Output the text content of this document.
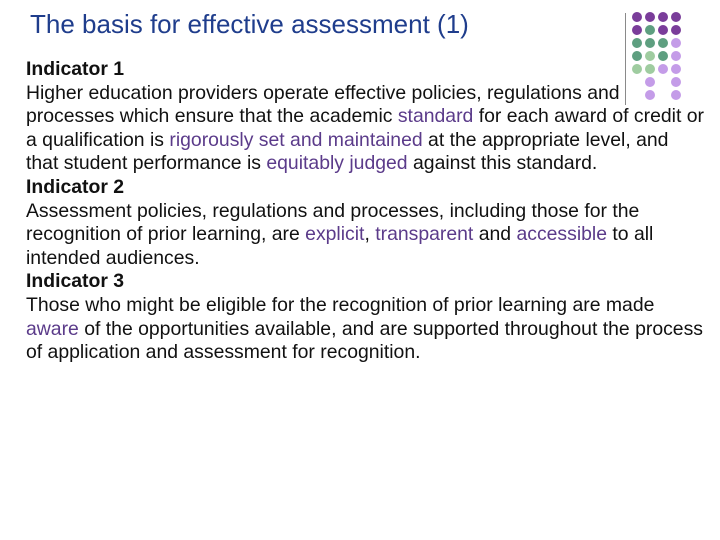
The basis for effective assessment (1)

Indicator 1

Higher education providers operate effective policies, regulations and processes which ensure that the academic standard for each award of credit or a qualification is rigorously set and maintained at the appropriate level, and that student performance is equitably judged against this standard.

Indicator 2

Assessment policies, regulations and processes, including those for the recognition of prior learning, are explicit, transparent and accessible to all intended audiences.

Indicator 3

Those who might be eligible for the recognition of prior learning are made aware of the opportunities available, and are supported throughout the process of application and assessment for recognition.
